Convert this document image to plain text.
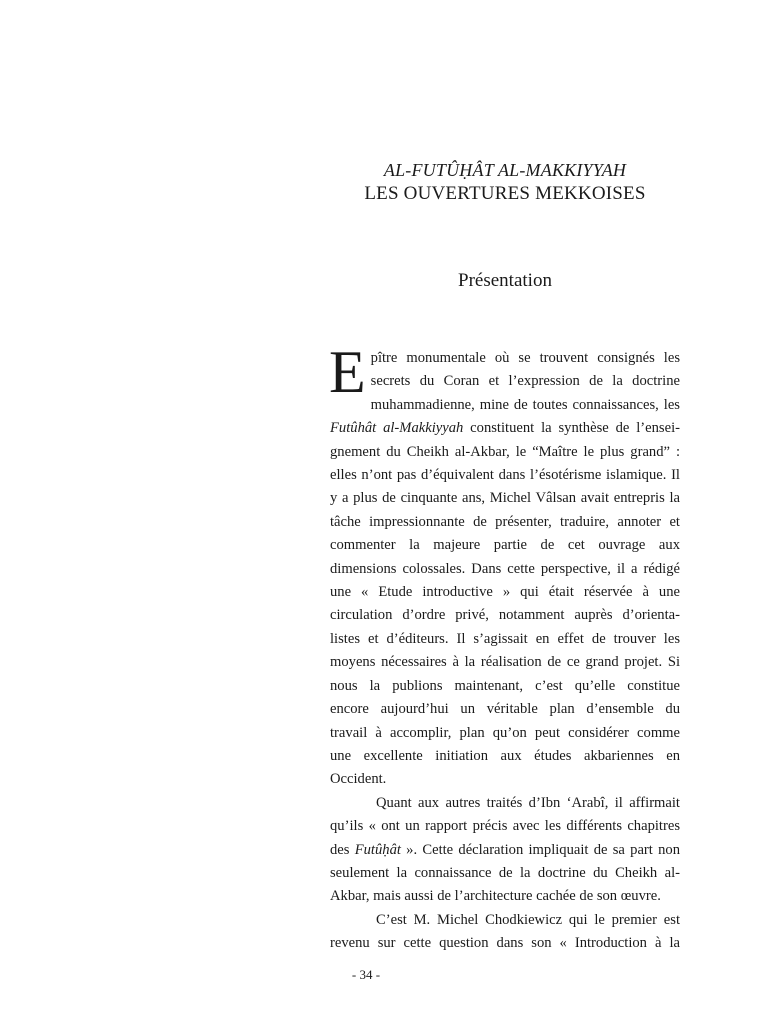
AL-FUTÛḤÂT AL-MAKKIYYAH
LES OUVERTURES MEKKOISES
Présentation

E pître monumentale où se trouvent consignés les
secrets du Coran et l’expression de la doctrine
muhammadienne, mine de toutes connaissances, les
Futûhât al-Makkiyyah constituent la synthèse de l’ensei-
gnement du Cheikh al-Akbar, le “Maître le plus grand” :
elles n’ont pas d’équivalent dans l’ésotérisme islamique. Il
y a plus de cinquante ans, Michel Vâlsan avait entrepris la
tâche impressionnante de présenter, traduire, annoter et
commenter la majeure partie de cet ouvrage aux
dimensions colossales. Dans cette perspective, il a rédigé
une « Etude introductive » qui était réservée à une
circulation d’ordre privé, notamment auprès d’orienta-
listes et d’éditeurs. Il s’agissait en effet de trouver les
moyens nécessaires à la réalisation de ce grand projet. Si
nous la publions maintenant, c’est qu’elle constitue
encore aujourd’hui un véritable plan d’ensemble du
travail à accomplir, plan qu’on peut considérer comme
une excellente initiation aux études akbariennes en
Occident.

Quant aux autres traités d’Ibn ‘Arabî, il affirmait
qu’ils « ont un rapport précis avec les différents chapitres
des Futûḥât ». Cette déclaration impliquait de sa part non
seulement la connaissance de la doctrine du Cheikh al-
Akbar, mais aussi de l’architecture cachée de son œuvre.

C’est M. Michel Chodkiewicz qui le premier est
revenu sur cette question dans son « Introduction à la

- 34 -
